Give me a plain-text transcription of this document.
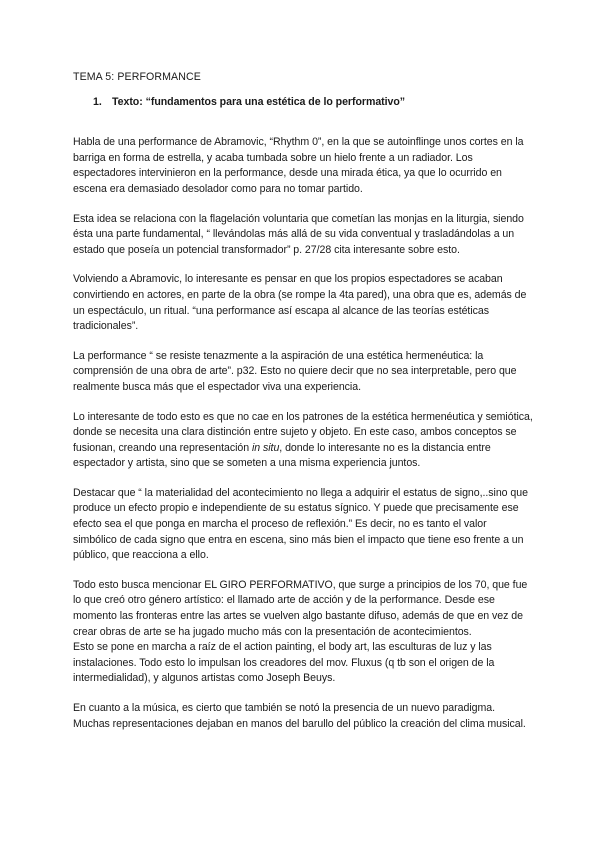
TEMA 5: PERFORMANCE
1. Texto: “fundamentos para una estética de lo performativo”
Habla de una performance de Abramovic, “Rhythm 0”, en la que se autoinflinge unos cortes en la barriga en forma de estrella, y acaba tumbada sobre un hielo frente a un radiador. Los espectadores intervinieron en la performance, desde una mirada ética, ya que lo ocurrido en escena era demasiado desolador como para no tomar partido.
Esta idea se relaciona con la flagelación voluntaria que cometían las monjas en la liturgia, siendo ésta una parte fundamental, “ llevándolas más allá de su vida conventual y trasladándolas a un estado que poseía un potencial transformador” p. 27/28 cita interesante sobre esto.
Volviendo a Abramovic, lo interesante es pensar en que los propios espectadores se acaban convirtiendo en actores, en parte de la obra (se rompe la 4ta pared), una obra que es, además de un espectáculo, un ritual. “una performance así escapa al alcance de las teorías estéticas tradicionales”.
La performance “ se resiste tenazmente a la aspiración de una estética hermenéutica: la comprensión de una obra de arte”. p32. Esto no quiere decir que no sea interpretable, pero que realmente busca más que el espectador viva una experiencia.
Lo interesante de todo esto es que no cae en los patrones de la estética hermenéutica y semiótica, donde se necesita una clara distinción entre sujeto y objeto. En este caso, ambos conceptos se fusionan, creando una representación in situ, donde lo interesante no es la distancia entre espectador y artista, sino que se someten a una misma experiencia juntos.
Destacar que “ la materialidad del acontecimiento no llega a adquirir el estatus de signo,..sino que produce un efecto propio e independiente de su estatus sígnico. Y puede que precisamente ese efecto sea el que ponga en marcha el proceso de reflexión.” Es decir, no es tanto el valor simbólico de cada signo que entra en escena, sino más bien el impacto que tiene eso frente a un público, que reacciona a ello.
Todo esto busca mencionar EL GIRO PERFORMATIVO, que surge a principios de los 70, que fue lo que creó otro género artístico: el llamado arte de acción y de la performance. Desde ese momento las fronteras entre las artes se vuelven algo bastante difuso, además de que en vez de crear obras de arte se ha jugado mucho más con la presentación de acontecimientos.
Esto se pone en marcha a raíz de el action painting, el body art, las esculturas de luz y las instalaciones. Todo esto lo impulsan los creadores del mov. Fluxus (q tb son el origen de la intermedialidad), y algunos artistas como Joseph Beuys.
En cuanto a la música, es cierto que también se notó la presencia de un nuevo paradigma. Muchas representaciones dejaban en manos del barullo del público la creación del clima musical.
